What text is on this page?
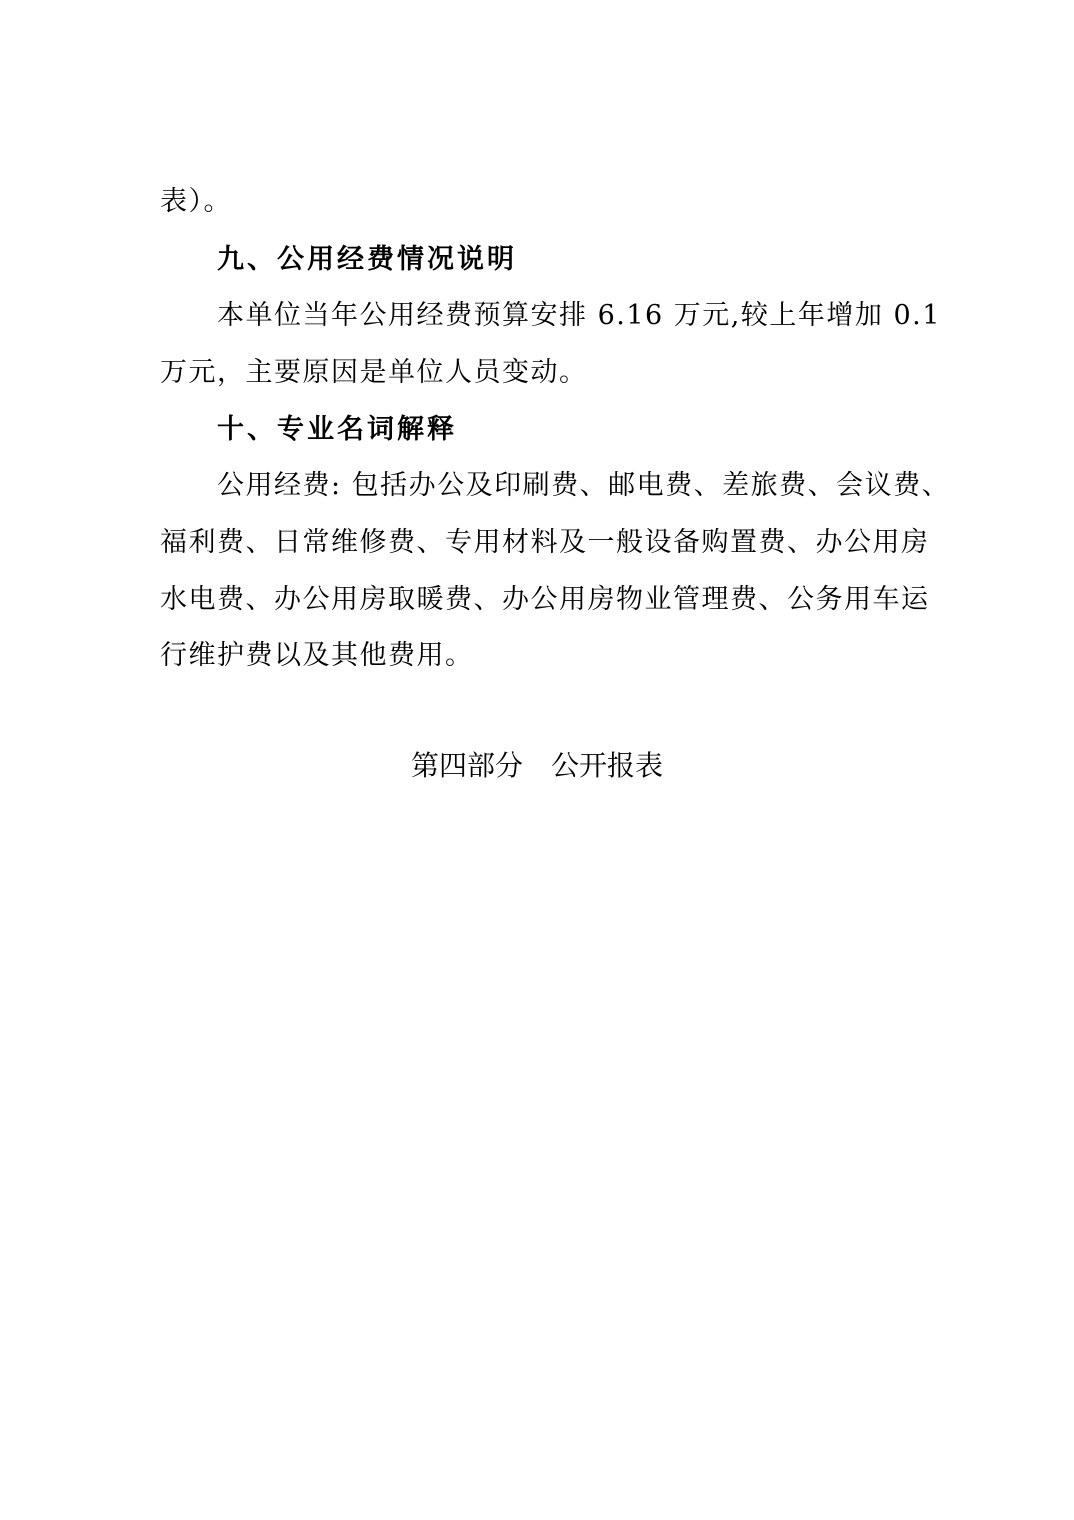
表）。
九、公用经费情况说明
本单位当年公用经费预算安排 6.16 万元,较上年增加 0.1
万元，主要原因是单位人员变动。
十、专业名词解释
公用经费: 包括办公及印刷费、邮电费、差旅费、会议费、
福利费、日常维修费、专用材料及一般设备购置费、办公用房
水电费、办公用房取暖费、办公用房物业管理费、公务用车运
行维护费以及其他费用。
第四部分　公开报表
